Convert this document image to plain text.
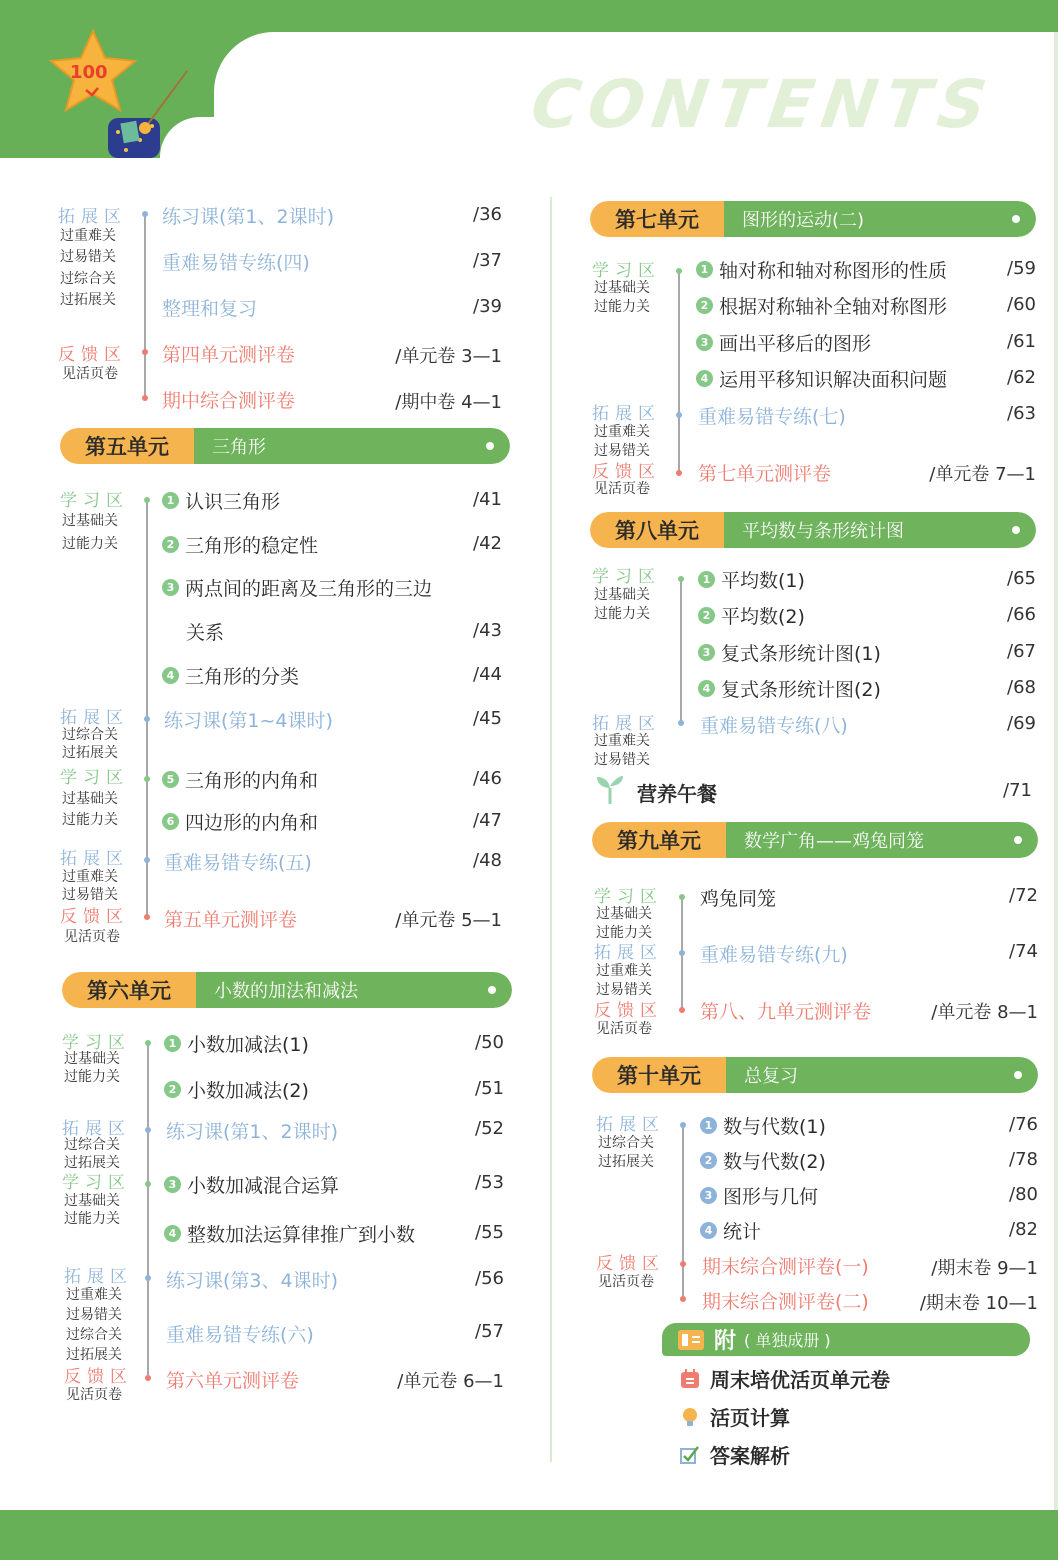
100	CONTENTS
拓展区
过重难关
过易错关
过综合关
过拓展关
反馈区
见活页卷
练习课(第1、2课时)	/36
重难易错专练(四)	/37
整理和复习	/39
第四单元测评卷	/单元卷 3—1
期中综合测评卷	/期中卷 4—1
第五单元	三角形
学习区
过基础关
过能力关
拓展区
过综合关
过拓展关
学习区
过基础关
过能力关
拓展区
过重难关
过易错关
反馈区
见活页卷
1 认识三角形	/41
2 三角形的稳定性	/42
3 两点间的距离及三角形的三边
关系	/43
4 三角形的分类	/44
练习课(第1~4课时)	/45
5 三角形的内角和	/46
6 四边形的内角和	/47
重难易错专练(五)	/48
第五单元测评卷	/单元卷 5—1
第六单元	小数的加法和减法
学习区
过基础关
过能力关
拓展区
过综合关
过拓展关
学习区
过基础关
过能力关
拓展区
过重难关
过易错关
过综合关
过拓展关
反馈区
见活页卷
1 小数加减法(1)	/50
2 小数加减法(2)	/51
练习课(第1、2课时)	/52
3 小数加减混合运算	/53
4 整数加法运算律推广到小数	/55
练习课(第3、4课时)	/56
重难易错专练(六)	/57
第六单元测评卷	/单元卷 6—1
第七单元	图形的运动(二)
学习区
过基础关
过能力关
拓展区
过重难关
过易错关
反馈区
见活页卷
1 轴对称和轴对称图形的性质	/59
2 根据对称轴补全轴对称图形	/60
3 画出平移后的图形	/61
4 运用平移知识解决面积问题	/62
重难易错专练(七)	/63
第七单元测评卷	/单元卷 7—1
第八单元	平均数与条形统计图
学习区
过基础关
过能力关
拓展区
过重难关
过易错关
1 平均数(1)	/65
2 平均数(2)	/66
3 复式条形统计图(1)	/67
4 复式条形统计图(2)	/68
重难易错专练(八)	/69
营养午餐	/71
第九单元	数学广角——鸡兔同笼
学习区
过基础关
过能力关
拓展区
过重难关
过易错关
反馈区
见活页卷
鸡兔同笼	/72
重难易错专练(九)	/74
第八、九单元测评卷	/单元卷 8—1
第十单元	总复习
拓展区
过综合关
过拓展关
反馈区
见活页卷
1 数与代数(1)	/76
2 数与代数(2)	/78
3 图形与几何	/80
4 统计	/82
期末综合测评卷(一)	/期末卷 9—1
期末综合测评卷(二)	/期末卷 10—1
附 ( 单独成册 )
周末培优活页单元卷
活页计算
答案解析
